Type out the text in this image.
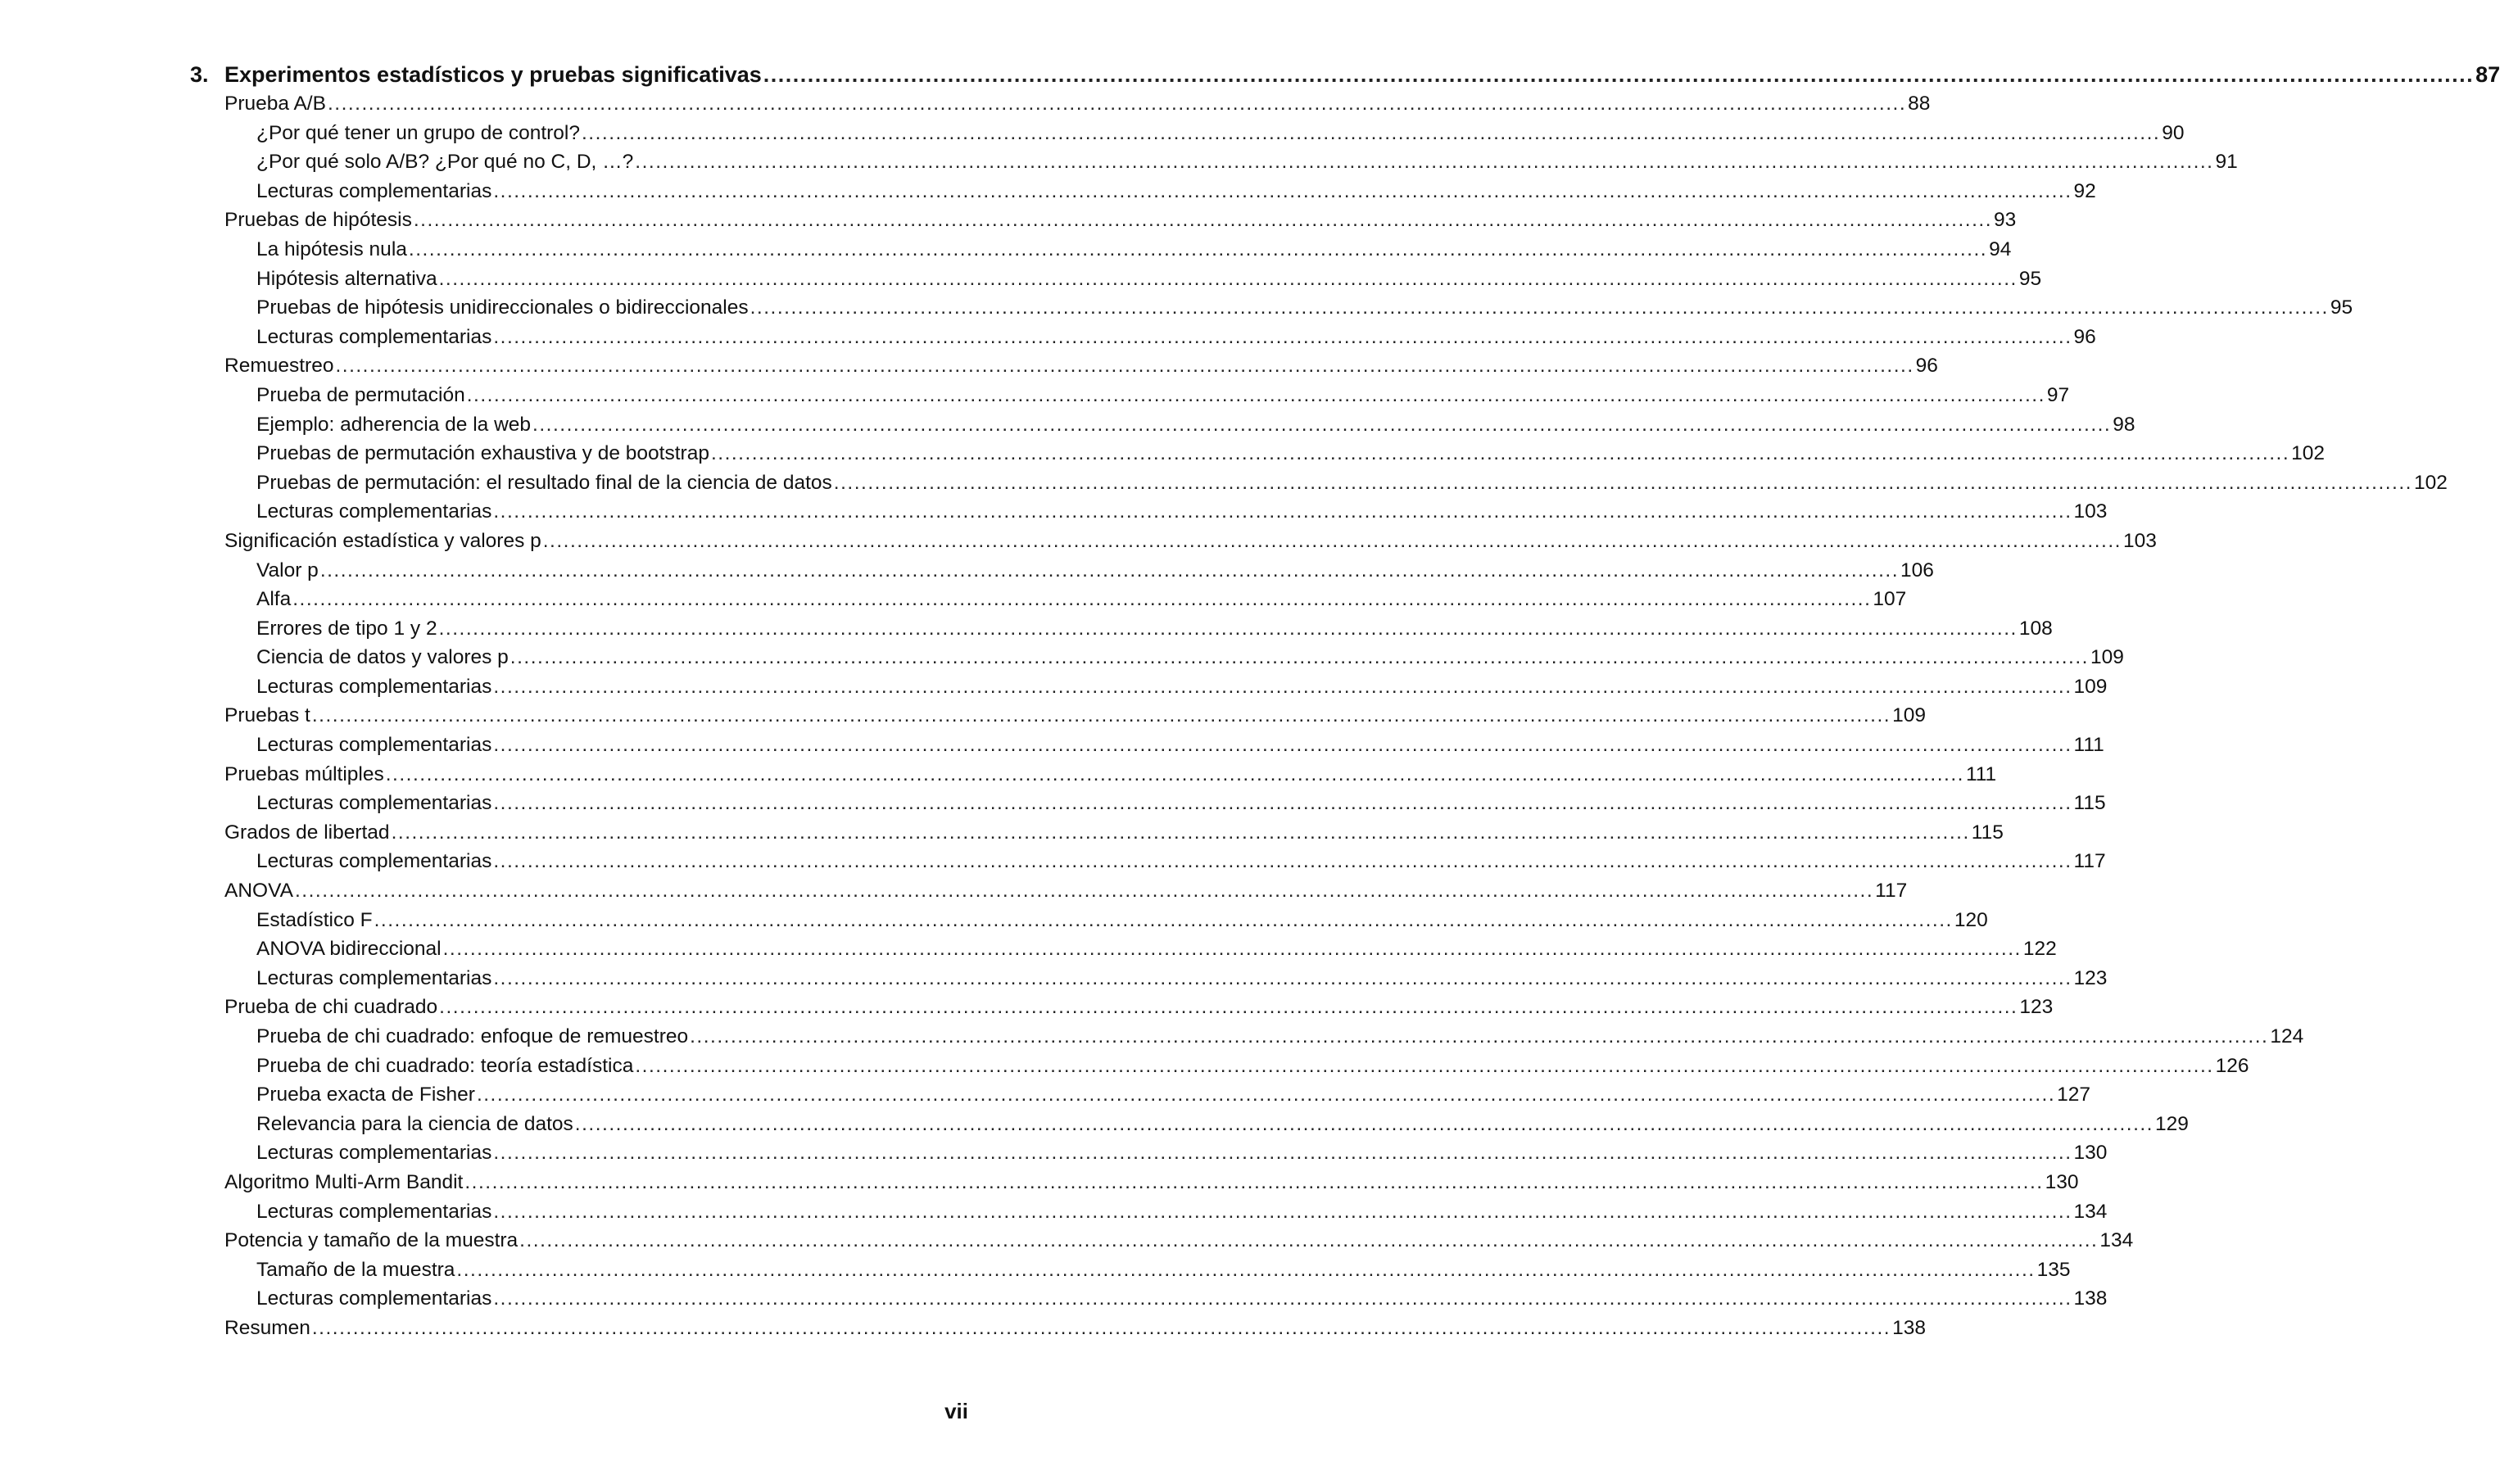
3. Experimentos estadísticos y pruebas significativas .....	87
Prueba A/B .....	88
¿Por qué tener un grupo de control? .....	90
¿Por qué solo A/B? ¿Por qué no C, D, …? .....	91
Lecturas complementarias .....	92
Pruebas de hipótesis .....	93
La hipótesis nula .....	94
Hipótesis alternativa .....	95
Pruebas de hipótesis unidireccionales o bidireccionales .....	95
Lecturas complementarias .....	96
Remuestreo .....	96
Prueba de permutación .....	97
Ejemplo: adherencia de la web .....	98
Pruebas de permutación exhaustiva y de bootstrap .....	102
Pruebas de permutación: el resultado final de la ciencia de datos .....	102
Lecturas complementarias .....	103
Significación estadística y valores p .....	103
Valor p .....	106
Alfa .....	107
Errores de tipo 1 y 2 .....	108
Ciencia de datos y valores p .....	109
Lecturas complementarias .....	109
Pruebas t .....	109
Lecturas complementarias .....	111
Pruebas múltiples .....	111
Lecturas complementarias .....	115
Grados de libertad .....	115
Lecturas complementarias .....	117
ANOVA .....	117
Estadístico F .....	120
ANOVA bidireccional .....	122
Lecturas complementarias .....	123
Prueba de chi cuadrado .....	123
Prueba de chi cuadrado: enfoque de remuestreo .....	124
Prueba de chi cuadrado: teoría estadística .....	126
Prueba exacta de Fisher .....	127
Relevancia para la ciencia de datos .....	129
Lecturas complementarias .....	130
Algoritmo Multi-Arm Bandit .....	130
Lecturas complementarias .....	134
Potencia y tamaño de la muestra .....	134
Tamaño de la muestra .....	135
Lecturas complementarias .....	138
Resumen .....	138
vii
